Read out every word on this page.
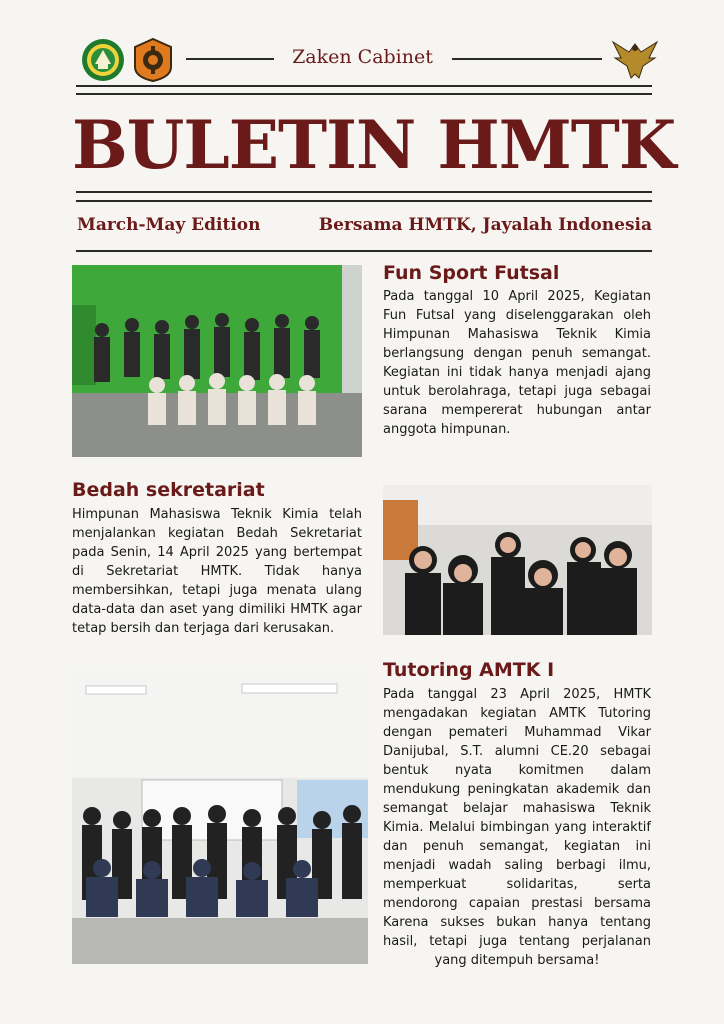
Zaken Cabinet
BULETIN HMTK
March-May Edition	Bersama HMTK, Jayalah Indonesia
Fun Sport Futsal
Pada tanggal 10 April 2025, Kegiatan Fun Futsal yang diselenggarakan oleh Himpunan Mahasiswa Teknik Kimia berlangsung dengan penuh semangat. Kegiatan ini tidak hanya menjadi ajang untuk berolahraga, tetapi juga sebagai sarana mempererat hubungan antar anggota himpunan.
Bedah sekretariat
Himpunan Mahasiswa Teknik Kimia telah menjalankan kegiatan Bedah Sekretariat pada Senin, 14 April 2025 yang bertempat di Sekretariat HMTK. Tidak hanya membersihkan, tetapi juga menata ulang data-data dan aset yang dimiliki HMTK agar tetap bersih dan terjaga dari kerusakan.
Tutoring AMTK I
Pada tanggal 23 April 2025, HMTK mengadakan kegiatan AMTK Tutoring dengan pemateri Muhammad Vikar Danijubal, S.T. alumni CE.20 sebagai bentuk nyata komitmen dalam mendukung peningkatan akademik dan semangat belajar mahasiswa Teknik Kimia. Melalui bimbingan yang interaktif dan penuh semangat, kegiatan ini menjadi wadah saling berbagi ilmu, memperkuat solidaritas, serta mendorong capaian prestasi bersama Karena sukses bukan hanya tentang hasil, tetapi juga tentang perjalanan yang ditempuh bersama!
